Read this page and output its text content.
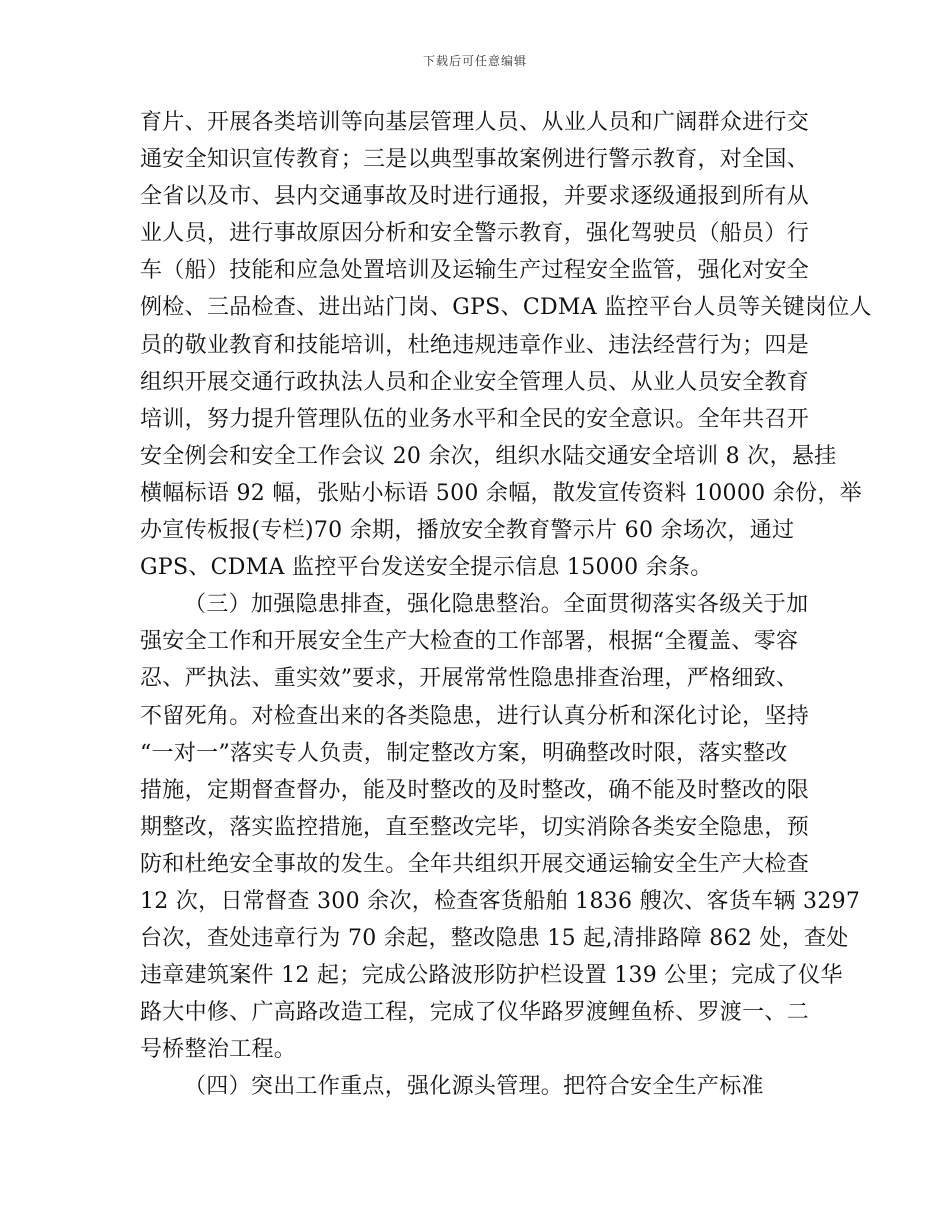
下载后可任意编辑
育片、开展各类培训等向基层管理人员、从业人员和广阔群众进行交
通安全知识宣传教育；三是以典型事故案例进行警示教育，对全国、
全省以及市、县内交通事故及时进行通报，并要求逐级通报到所有从
业人员，进行事故原因分析和安全警示教育，强化驾驶员（船员）行
车（船）技能和应急处置培训及运输生产过程安全监管，强化对安全
例检、三品检查、进出站门岗、GPS、CDMA 监控平台人员等关键岗位人
员的敬业教育和技能培训，杜绝违规违章作业、违法经营行为；四是
组织开展交通行政执法人员和企业安全管理人员、从业人员安全教育
培训，努力提升管理队伍的业务水平和全民的安全意识。全年共召开
安全例会和安全工作会议 20 余次，组织水陆交通安全培训 8 次，悬挂
横幅标语 92 幅，张贴小标语 500 余幅，散发宣传资料 10000 余份，举
办宣传板报(专栏)70 余期，播放安全教育警示片 60 余场次，通过
GPS、CDMA 监控平台发送安全提示信息 15000 余条。
（三）加强隐患排查，强化隐患整治。全面贯彻落实各级关于加
强安全工作和开展安全生产大检查的工作部署，根据“全覆盖、零容
忍、严执法、重实效”要求，开展常常性隐患排查治理，严格细致、
不留死角。对检查出来的各类隐患，进行认真分析和深化讨论，坚持
“一对一”落实专人负责，制定整改方案，明确整改时限，落实整改
措施，定期督查督办，能及时整改的及时整改，确不能及时整改的限
期整改，落实监控措施，直至整改完毕，切实消除各类安全隐患，预
防和杜绝安全事故的发生。全年共组织开展交通运输安全生产大检查
12 次，日常督查 300 余次，检查客货船舶 1836 艘次、客货车辆 3297
台次，查处违章行为 70 余起，整改隐患 15 起,清排路障 862 处，查处
违章建筑案件 12 起；完成公路波形防护栏设置 139 公里；完成了仪华
路大中修、广高路改造工程，完成了仪华路罗渡鲤鱼桥、罗渡一、二
号桥整治工程。
（四）突出工作重点，强化源头管理。把符合安全生产标准
